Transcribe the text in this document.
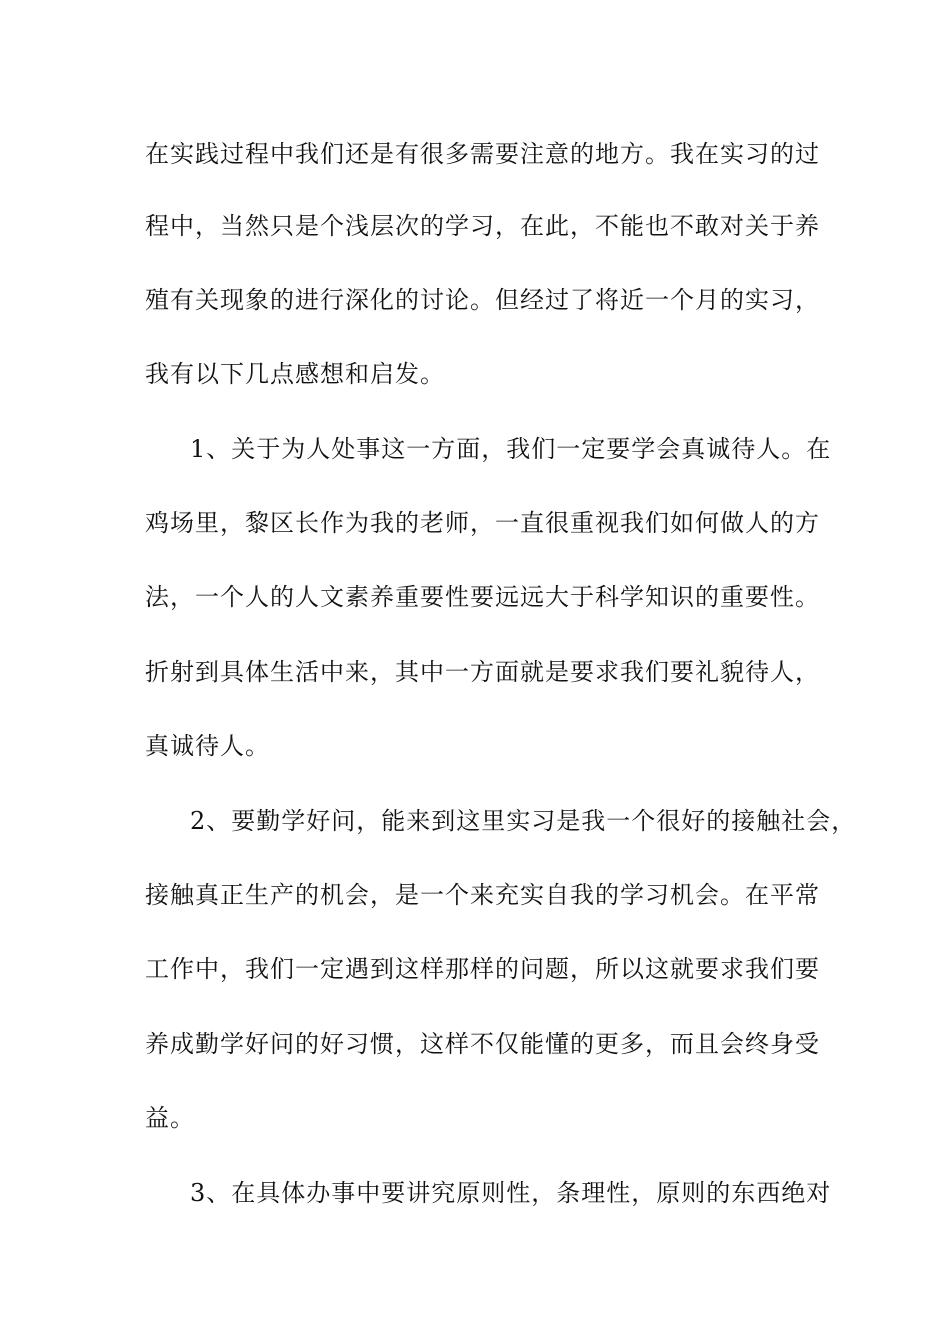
在实践过程中我们还是有很多需要注意的地方。我在实习的过
程中，当然只是个浅层次的学习，在此，不能也不敢对关于养
殖有关现象的进行深化的讨论。但经过了将近一个月的实习，
我有以下几点感想和启发。
1、关于为人处事这一方面，我们一定要学会真诚待人。在
鸡场里，黎区长作为我的老师，一直很重视我们如何做人的方
法，一个人的人文素养重要性要远远大于科学知识的重要性。
折射到具体生活中来，其中一方面就是要求我们要礼貌待人，
真诚待人。
2、要勤学好问，能来到这里实习是我一个很好的接触社会，
接触真正生产的机会，是一个来充实自我的学习机会。在平常
工作中，我们一定遇到这样那样的问题，所以这就要求我们要
养成勤学好问的好习惯，这样不仅能懂的更多，而且会终身受
益。
3、在具体办事中要讲究原则性，条理性，原则的东西绝对
